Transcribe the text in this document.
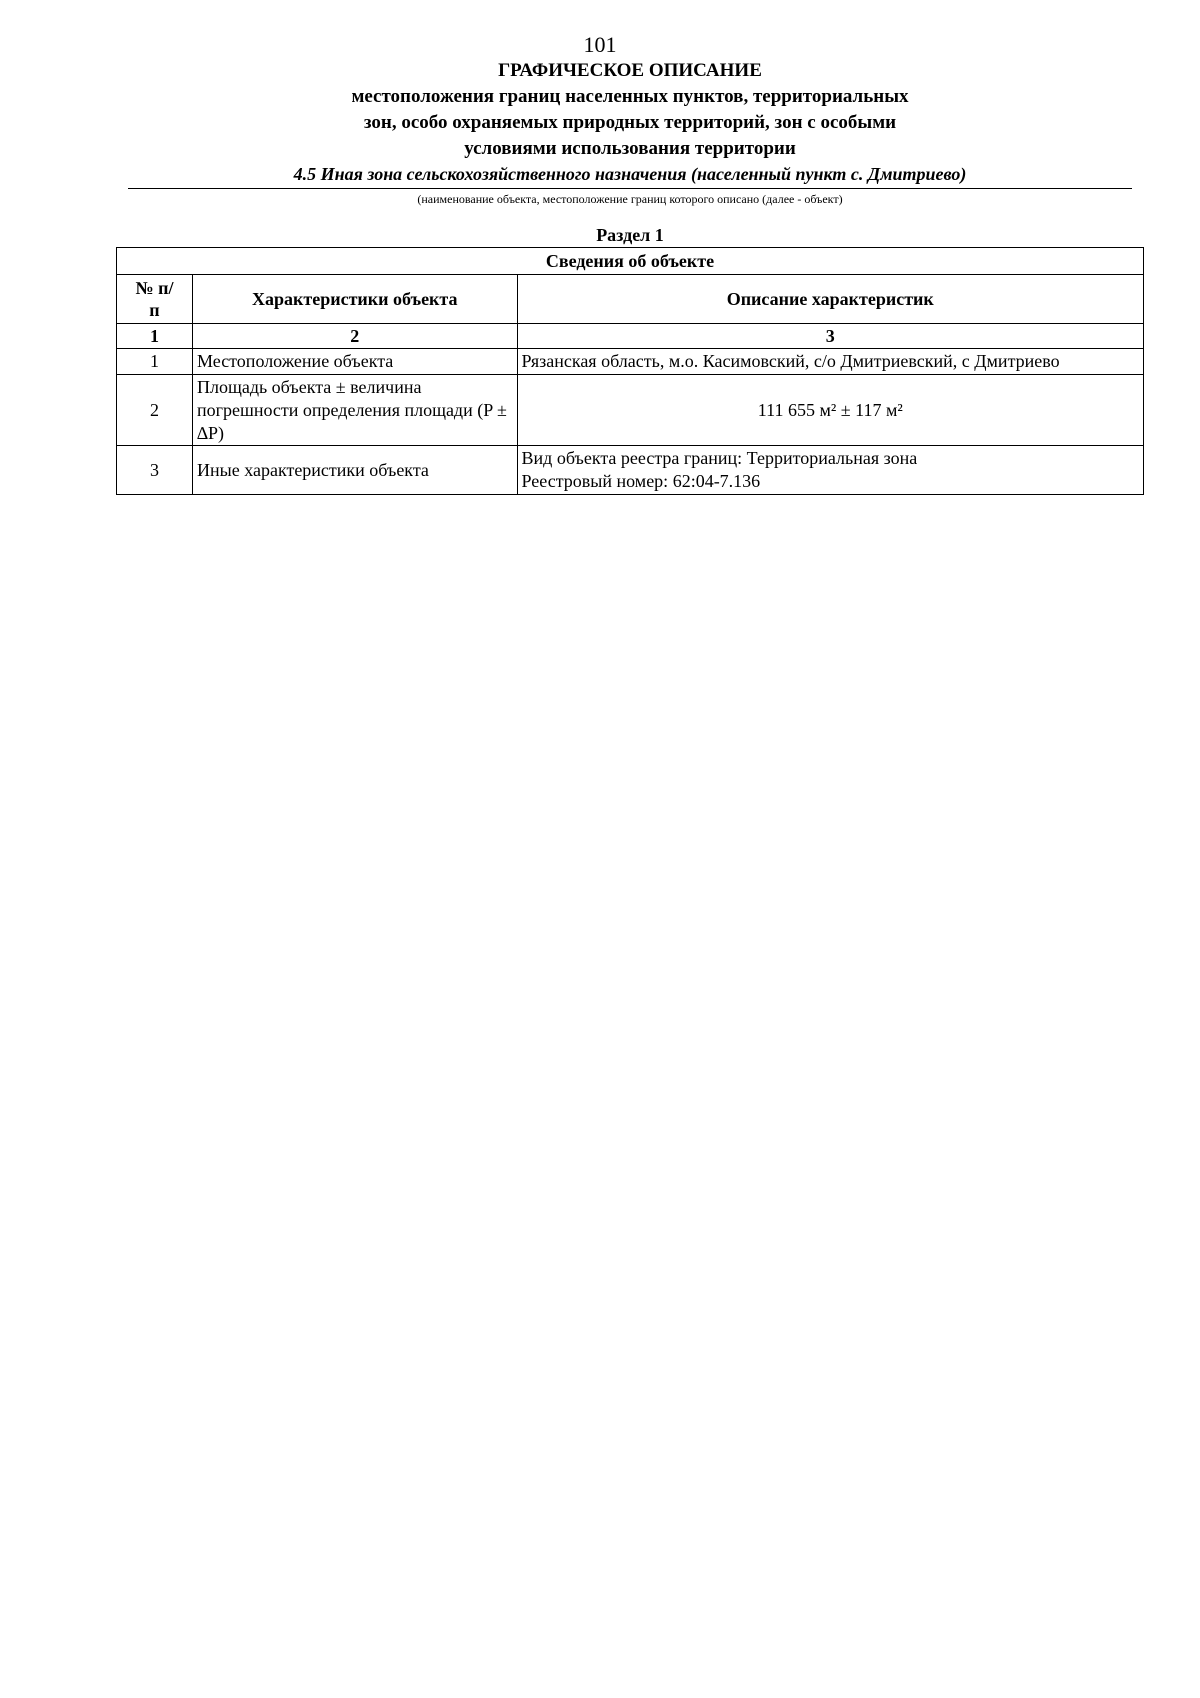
101
ГРАФИЧЕСКОЕ ОПИСАНИЕ
местоположения границ населенных пунктов, территориальных
зон, особо охраняемых природных территорий, зон с особыми
условиями использования территории
4.5 Иная зона сельскохозяйственного назначения (населенный пункт с. Дмитриево)
(наименование объекта, местоположение границ которого описано (далее - объект)
Раздел 1
Сведения об объекте		
№ п/п	Характеристики объекта	Описание характеристик
1	2	3
1	Местоположение объекта	Рязанская область, м.о. Касимовский, с/о Дмитриевский, с Дмитриево
2	Площадь объекта ± величина погрешности определения площади (P ± ∆P)	111 655 м² ± 117 м²
3	Иные характеристики объекта	Вид объекта реестра границ: Территориальная зона
Реестровый номер: 62:04-7.136
